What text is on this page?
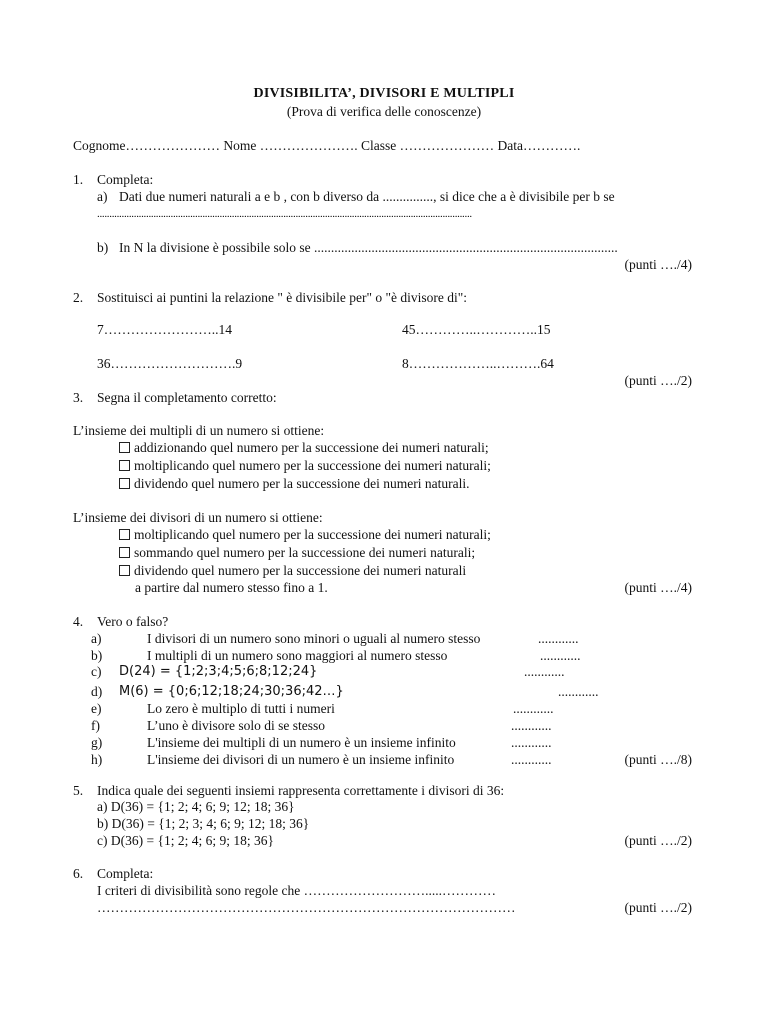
DIVISIBILITA’, DIVISORI E MULTIPLI
(Prova di verifica delle conoscenze)
Cognome………………… Nome …………………. Classe ………………… Data………….
1. Completa:
a) Dati due numeri naturali a e b , con b diverso da ..............., si dice che a è divisibile per b se
.........................................................................................................................................................
b) In N la divisione è possibile solo se ..........................................................................................
(punti …./4)
2. Sostituisci ai puntini la relazione " è divisibile per" o "è divisore di":
7……………………..14	45…………..…………..15
36……………………….9	8………………..……….64
(punti …./2)
3. Segna il completamento corretto:
L’insieme dei multipli di un numero si ottiene:
addizionando quel numero per la successione dei numeri naturali;
moltiplicando quel numero per la successione dei numeri naturali;
dividendo quel numero per la successione dei numeri naturali.
L’insieme dei divisori di un numero si ottiene:
moltiplicando quel numero per la successione dei numeri naturali;
sommando quel numero per la successione dei numeri naturali;
dividendo quel numero per la successione dei numeri naturali
a partire dal numero stesso fino a 1.	(punti …./4)
4. Vero o falso?
a)	I divisori di un numero sono minori o uguali al numero stesso	............
b)	I multipli di un numero sono maggiori al numero stesso	............
c) D(24) = {1;2;3;4;5;6;8;12;24}	............
d) M(6) = {0;6;12;18;24;30;36;42…}	............
e)	Lo zero è multiplo di tutti i numeri	............
f)	L’uno è divisore solo di se stesso	............
g)	L'insieme dei multipli di un numero è un insieme infinito	............
h)	L'insieme dei divisori di un numero è un insieme infinito	............	(punti …./8)
5. Indica quale dei seguenti insiemi rappresenta correttamente i divisori di 36:
a) D(36) = {1; 2; 4; 6; 9; 12; 18; 36}
b) D(36) = {1; 2; 3; 4; 6; 9; 12; 18; 36}
c) D(36) = {1; 2; 4; 6; 9; 18; 36}	(punti …./2)
6. Completa:
I criteri di divisibilità sono regole che ……………………….....…………
…………………………………………………………………………………	(punti …./2)
